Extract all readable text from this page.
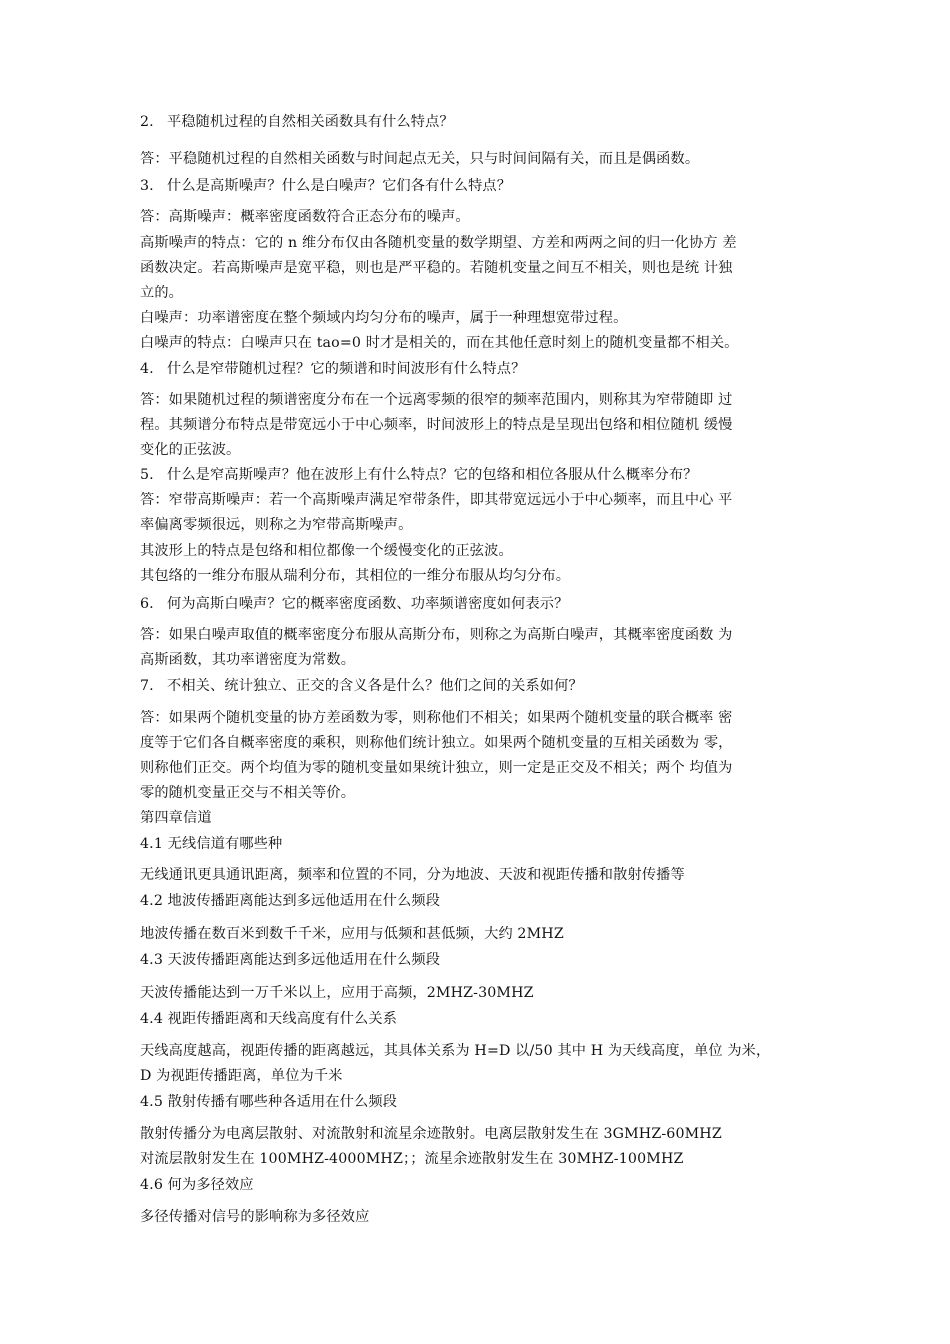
2. 平稳随机过程的自然相关函数具有什么特点？
答：平稳随机过程的自然相关函数与时间起点无关，只与时间间隔有关，而且是偶函数。
3. 什么是高斯噪声？什么是白噪声？它们各有什么特点？
答：高斯噪声：概率密度函数符合正态分布的噪声。
高斯噪声的特点：它的 n 维分布仅由各随机变量的数学期望、方差和两两之间的归一化协方 差
函数决定。若高斯噪声是宽平稳，则也是严平稳的。若随机变量之间互不相关，则也是统 计独
立的。
白噪声：功率谱密度在整个频域内均匀分布的噪声，属于一种理想宽带过程。
白噪声的特点：白噪声只在 tao=0 时才是相关的，而在其他任意时刻上的随机变量都不相关。
4. 什么是窄带随机过程？它的频谱和时间波形有什么特点？
答：如果随机过程的频谱密度分布在一个远离零频的很窄的频率范围内，则称其为窄带随即 过
程。其频谱分布特点是带宽远小于中心频率，时间波形上的特点是呈现出包络和相位随机 缓慢
变化的正弦波。
5. 什么是窄高斯噪声？他在波形上有什么特点？它的包络和相位各服从什么概率分布？
答：窄带高斯噪声：若一个高斯噪声满足窄带条件，即其带宽远远小于中心频率，而且中心 平
率偏离零频很远，则称之为窄带高斯噪声。
其波形上的特点是包络和相位都像一个缓慢变化的正弦波。
其包络的一维分布服从瑞利分布，其相位的一维分布服从均匀分布。
6. 何为高斯白噪声？它的概率密度函数、功率频谱密度如何表示？
答：如果白噪声取值的概率密度分布服从高斯分布，则称之为高斯白噪声，其概率密度函数 为
高斯函数，其功率谱密度为常数。
7. 不相关、统计独立、正交的含义各是什么？他们之间的关系如何？
答：如果两个随机变量的协方差函数为零，则称他们不相关；如果两个随机变量的联合概率 密
度等于它们各自概率密度的乘积，则称他们统计独立。如果两个随机变量的互相关函数为 零，
则称他们正交。两个均值为零的随机变量如果统计独立，则一定是正交及不相关；两个 均值为
零的随机变量正交与不相关等价。
第四章信道
4.1 无线信道有哪些种
无线通讯更具通讯距离，频率和位置的不同，分为地波、天波和视距传播和散射传播等
4.2 地波传播距离能达到多远他适用在什么频段
地波传播在数百米到数千千米，应用与低频和甚低频，大约 2MHZ
4.3 天波传播距离能达到多远他适用在什么频段
天波传播能达到一万千米以上，应用于高频，2MHZ-30MHZ
4.4 视距传播距离和天线高度有什么关系
天线高度越高，视距传播的距离越远，其具体关系为 H=D 以/50 其中 H 为天线高度，单位 为米，
D 为视距传播距离，单位为千米
4.5 散射传播有哪些种各适用在什么频段
散射传播分为电离层散射、对流散射和流星余迹散射。电离层散射发生在 3GMHZ-60MHZ
对流层散射发生在 100MHZ-4000MHZ；；流星余迹散射发生在 30MHZ-100MHZ
4.6 何为多径效应
多径传播对信号的影响称为多径效应
